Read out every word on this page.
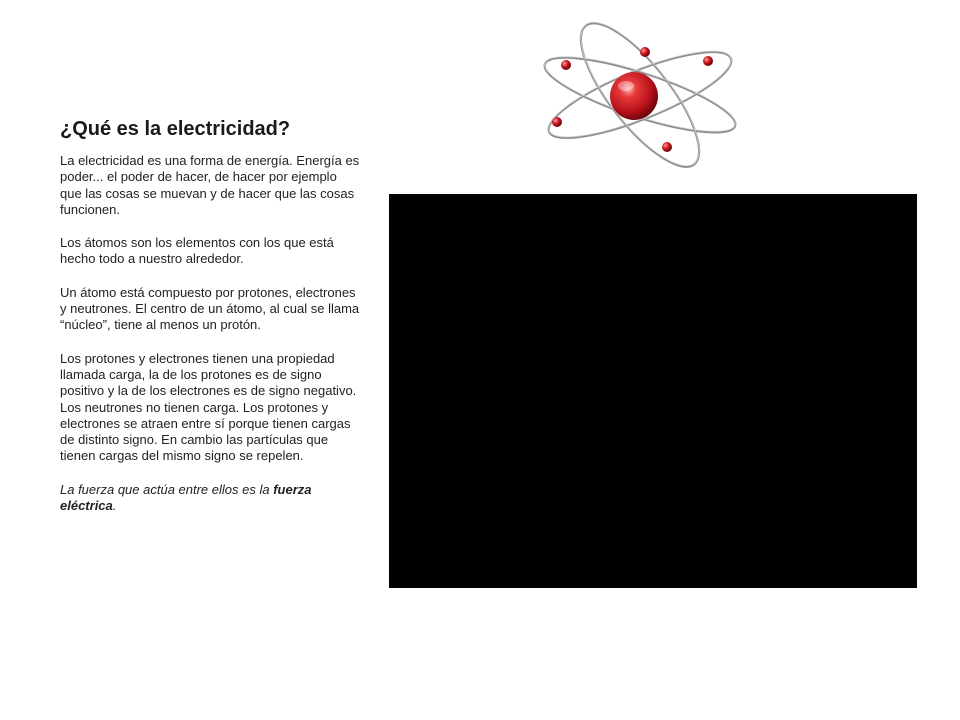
¿Qué es la electricidad?

La electricidad es una forma de energía. Energía es poder... el poder de hacer, de hacer por ejemplo que las cosas se muevan y de hacer que las cosas funcionen.

Los átomos son los elementos con los que está hecho todo a nuestro alrededor.

Un átomo está compuesto por protones, electrones y neutrones. El centro de un átomo, al cual se llama “núcleo”, tiene al menos un protón.

Los protones y electrones tienen una propiedad llamada carga, la de los protones es de signo positivo y la de los electrones es de signo negativo. Los neutrones no tienen carga. Los protones y electrones se atraen entre sí porque tienen cargas de distinto signo. En cambio las partículas que tienen cargas del mismo signo se repelen.

La fuerza que actúa entre ellos es la fuerza eléctrica.
